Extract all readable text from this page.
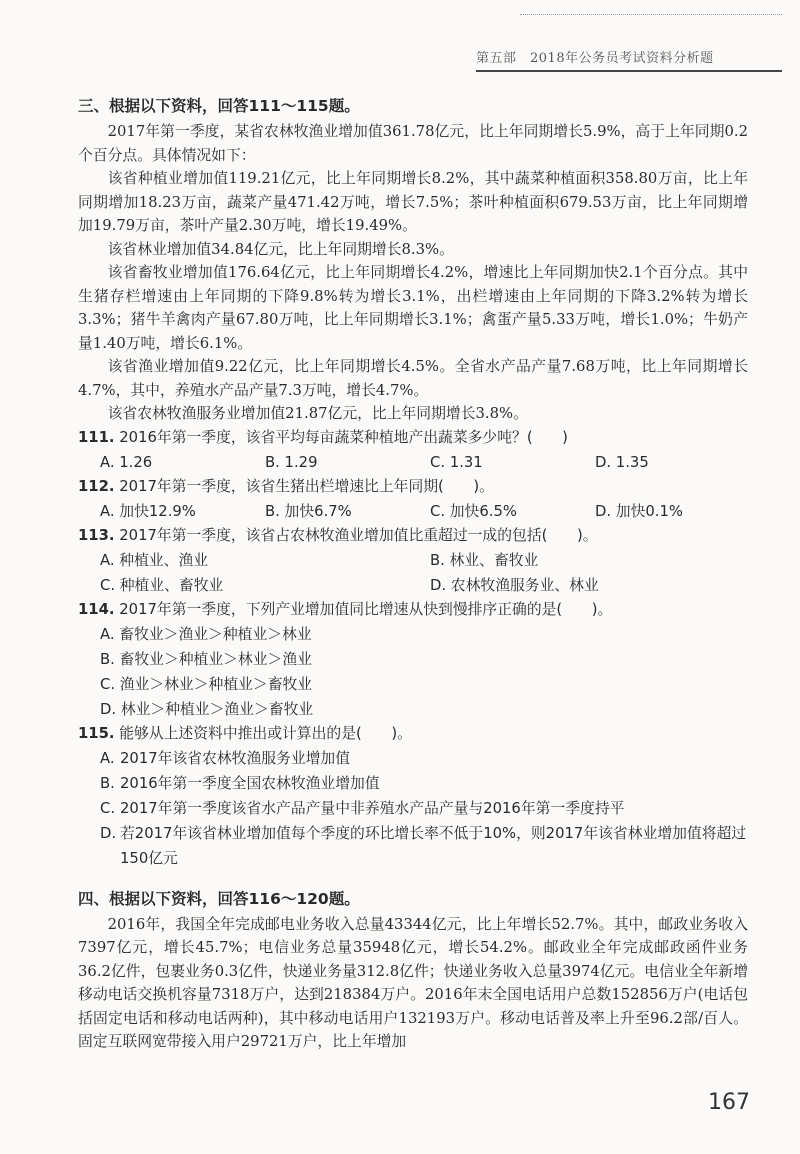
第五部　2018年公务员考试资料分析题

三、根据以下资料，回答111～115题。

2017年第一季度，某省农林牧渔业增加值361.78亿元，比上年同期增长5.9%，高于上年同期0.2个百分点。具体情况如下：

该省种植业增加值119.21亿元，比上年同期增长8.2%，其中蔬菜种植面积358.80万亩，比上年同期增加18.23万亩，蔬菜产量471.42万吨，增长7.5%；茶叶种植面积679.53万亩，比上年同期增加19.79万亩，茶叶产量2.30万吨，增长19.49%。

该省林业增加值34.84亿元，比上年同期增长8.3%。

该省畜牧业增加值176.64亿元，比上年同期增长4.2%，增速比上年同期加快2.1个百分点。其中生猪存栏增速由上年同期的下降9.8%转为增长3.1%，出栏增速由上年同期的下降3.2%转为增长3.3%；猪牛羊禽肉产量67.80万吨，比上年同期增长3.1%；禽蛋产量5.33万吨，增长1.0%；牛奶产量1.40万吨，增长6.1%。

该省渔业增加值9.22亿元，比上年同期增长4.5%。全省水产品产量7.68万吨，比上年同期增长4.7%，其中，养殖水产品产量7.3万吨，增长4.7%。

该省农林牧渔服务业增加值21.87亿元，比上年同期增长3.8%。

111. 2016年第一季度，该省平均每亩蔬菜种植地产出蔬菜多少吨？(　　)

A. 1.26	B. 1.29	C. 1.31	D. 1.35

112. 2017年第一季度，该省生猪出栏增速比上年同期(　　)。

A. 加快12.9%	B. 加快6.7%	C. 加快6.5%	D. 加快0.1%

113. 2017年第一季度，该省占农林牧渔业增加值比重超过一成的包括(　　)。

A. 种植业、渔业	B. 林业、畜牧业
C. 种植业、畜牧业	D. 农林牧渔服务业、林业

114. 2017年第一季度，下列产业增加值同比增速从快到慢排序正确的是(　　)。

A. 畜牧业＞渔业＞种植业＞林业
B. 畜牧业＞种植业＞林业＞渔业
C. 渔业＞林业＞种植业＞畜牧业
D. 林业＞种植业＞渔业＞畜牧业

115. 能够从上述资料中推出或计算出的是(　　)。

A. 2017年该省农林牧渔服务业增加值
B. 2016年第一季度全国农林牧渔业增加值
C. 2017年第一季度该省水产品产量中非养殖水产品产量与2016年第一季度持平
D. 若2017年该省林业增加值每个季度的环比增长率不低于10%，则2017年该省林业增加值将超过150亿元

四、根据以下资料，回答116～120题。

2016年，我国全年完成邮电业务收入总量43344亿元，比上年增长52.7%。其中，邮政业务收入7397亿元，增长45.7%；电信业务总量35948亿元，增长54.2%。邮政业全年完成邮政函件业务36.2亿件，包裹业务0.3亿件，快递业务量312.8亿件；快递业务收入总量3974亿元。电信业全年新增移动电话交换机容量7318万户，达到218384万户。2016年末全国电话用户总数152856万户(电话包括固定电话和移动电话两种)，其中移动电话用户132193万户。移动电话普及率上升至96.2部/百人。固定互联网宽带接入用户29721万户，比上年增加

167
